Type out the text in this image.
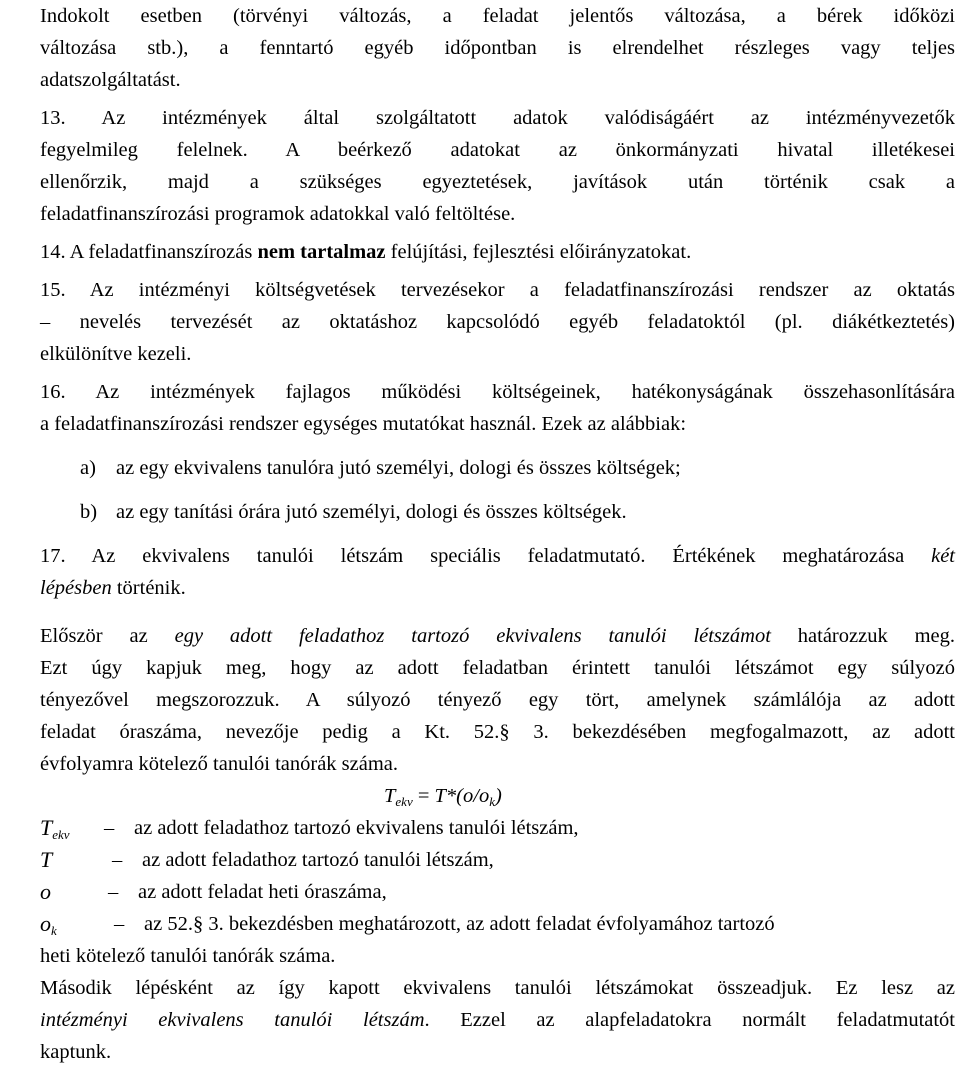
Indokolt esetben (törvényi változás, a feladat jelentős változása, a bérek időközi

változása stb.), a fenntartó egyéb időpontban is elrendelhet részleges vagy teljes

adatszolgáltatást.

13. Az intézmények által szolgáltatott adatok valódiságáért az intézményvezetők

fegyelmileg felelnek. A beérkező adatokat az önkormányzati hivatal illetékesei

ellenőrzik, majd a szükséges egyeztetések, javítások után történik csak a

feladatfinanszírozási programok adatokkal való feltöltése.

14. A feladatfinanszírozás nem tartalmaz felújítási, fejlesztési előirányzatokat.

15. Az intézményi költségvetések tervezésekor a feladatfinanszírozási rendszer az oktatás

– nevelés tervezését az oktatáshoz kapcsolódó egyéb feladatoktól (pl. diákétkeztetés)

elkülönítve kezeli.

16. Az intézmények fajlagos működési költségeinek, hatékonyságának összehasonlítására

a feladatfinanszírozási rendszer egységes mutatókat használ. Ezek az alábbiak:

a) az egy ekvivalens tanulóra jutó személyi, dologi és összes költségek;
b) az egy tanítási órára jutó személyi, dologi és összes költségek.

17. Az ekvivalens tanulói létszám speciális feladatmutató. Értékének meghatározása két

lépésben történik.

Először az egy adott feladathoz tartozó ekvivalens tanulói létszámot határozzuk meg.

Ezt úgy kapjuk meg, hogy az adott feladatban érintett tanulói létszámot egy súlyozó

tényezővel megszorozzuk. A súlyozó tényező egy tört, amelynek számlálója az adott

feladat óraszáma, nevezője pedig a Kt. 52.§ 3. bekezdésében megfogalmazott, az adott

évfolyamra kötelező tanulói tanórák száma.

$T_{ekv} = T*(o/o_k)$

$T_{ekv}$	– az adott feladathoz tartozó ekvivalens tanulói létszám,
T	– az adott feladathoz tartozó tanulói létszám,
o	– az adott feladat heti óraszáma,
$o_k$	– az 52.§ 3. bekezdésben meghatározott, az adott feladat évfolyamához tartozó

heti kötelező tanulói tanórák száma.

Második lépésként az így kapott ekvivalens tanulói létszámokat összeadjuk. Ez lesz az

intézményi ekvivalens tanulói létszám. Ezzel az alapfeladatokra normált feladatmutatót

kaptunk.
